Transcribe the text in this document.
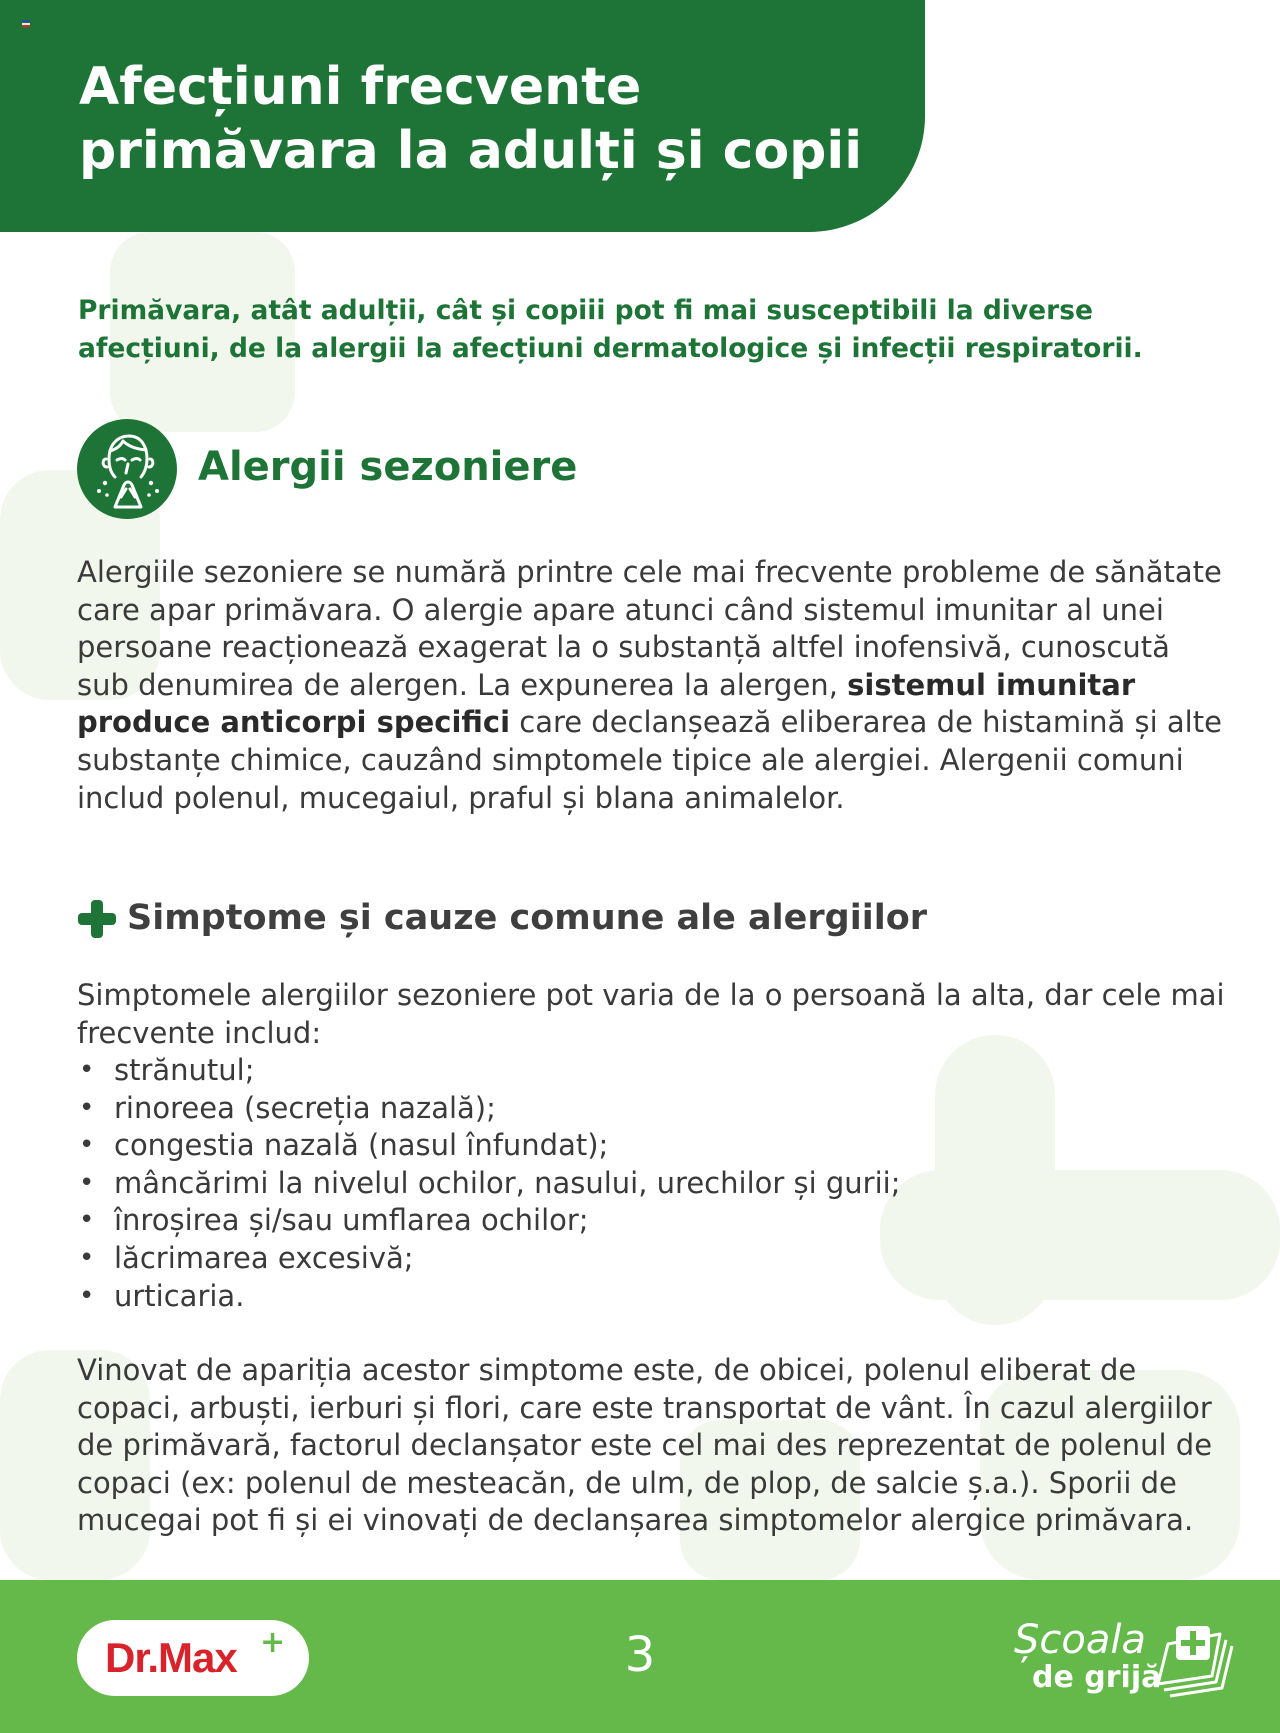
Afecțiuni frecvente
primăvara la adulți și copii

Primăvara, atât adulții, cât și copiii pot fi mai susceptibili la diverse afecțiuni, de la alergii la afecțiuni dermatologice și infecții respiratorii.

Alergii sezoniere

Alergiile sezoniere se numără printre cele mai frecvente probleme de sănătate care apar primăvara. O alergie apare atunci când sistemul imunitar al unei persoane reacționează exagerat la o substanță altfel inofensivă, cunoscută sub denumirea de alergen. La expunerea la alergen, sistemul imunitar produce anticorpi specifici care declanșează eliberarea de histamină și alte substanțe chimice, cauzând simptomele tipice ale alergiei. Alergenii comuni includ polenul, mucegaiul, praful și blana animalelor.

Simptome și cauze comune ale alergiilor

Simptomele alergiilor sezoniere pot varia de la o persoană la alta, dar cele mai frecvente includ:

• strănutul;
• rinoreea (secreția nazală);
• congestia nazală (nasul înfundat);
• mâncărimi la nivelul ochilor, nasului, urechilor și gurii;
• înroșirea și/sau umflarea ochilor;
• lăcrimarea excesivă;
• urticaria.

Vinovat de apariția acestor simptome este, de obicei, polenul eliberat de copaci, arbuști, ierburi și flori, care este transportat de vânt. În cazul alergiilor de primăvară, factorul declanșator este cel mai des reprezentat de polenul de copaci (ex: polenul de mesteacăn, de ulm, de plop, de salcie ș.a.). Sporii de mucegai pot fi și ei vinovați de declanșarea simptomelor alergice primăvara.

Dr.Max +	3	Școala
de grijă
